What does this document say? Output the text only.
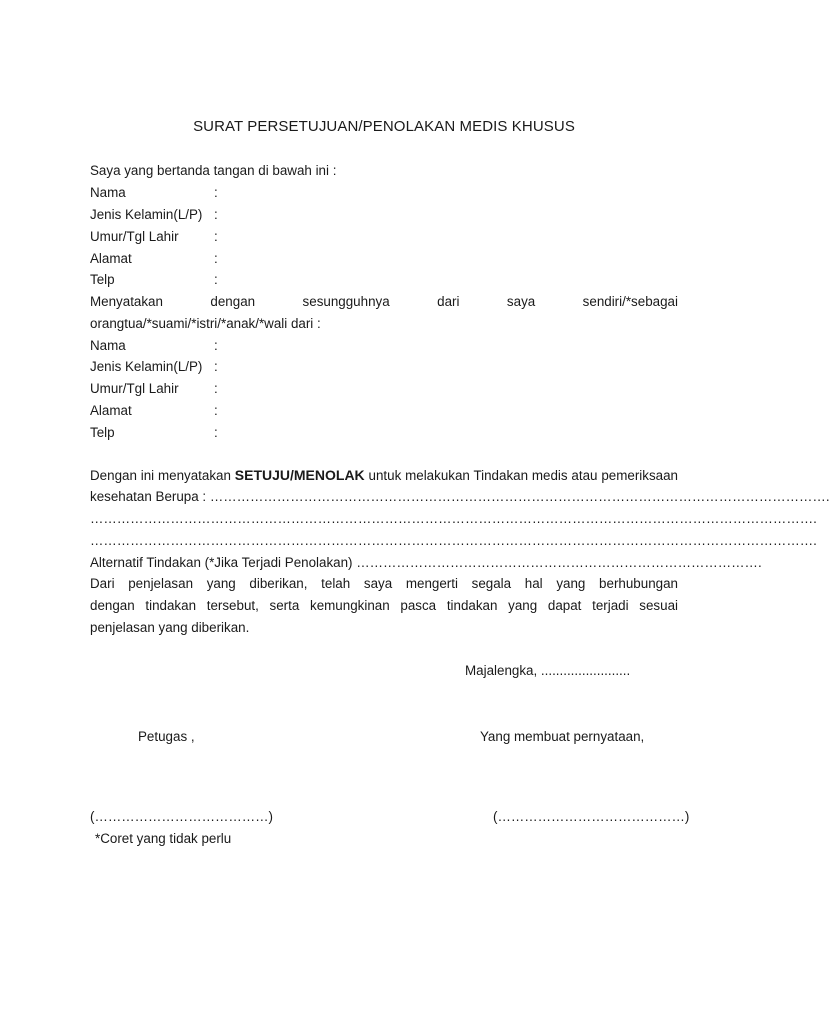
SURAT PERSETUJUAN/PENOLAKAN MEDIS KHUSUS
Saya yang bertanda tangan di bawah ini :
Nama	:
Jenis Kelamin(L/P) :
Umur/Tgl Lahir	:
Alamat	:
Telp	:
Menyatakan	dengan	sesungguhnya	dari	saya	sendiri/*sebagai
orangtua/*suami/*istri/*anak/*wali dari :
Nama	:
Jenis Kelamin(L/P) :
Umur/Tgl Lahir	:
Alamat	:
Telp	:
Dengan ini menyatakan SETUJU/MENOLAK untuk melakukan Tindakan medis atau pemeriksaan
kesehatan Berupa : ………………………………………………………………………………………………………………………….
……………………………………………………………………………………………………………………………………………….
……………………………………………………………………………………………………………………………………………….
Alternatif Tindakan (*Jika Terjadi Penolakan) ……………………………………………………………………………….
Dari penjelasan yang diberikan, telah saya mengerti segala hal yang berhubungan
dengan tindakan tersebut, serta kemungkinan pasca tindakan yang dapat terjadi sesuai
penjelasan yang diberikan.
Majalengka, ........................
Petugas ,	Yang membuat pernyataan,
(…………………………………)	(……………………………………)
*Coret yang tidak perlu
